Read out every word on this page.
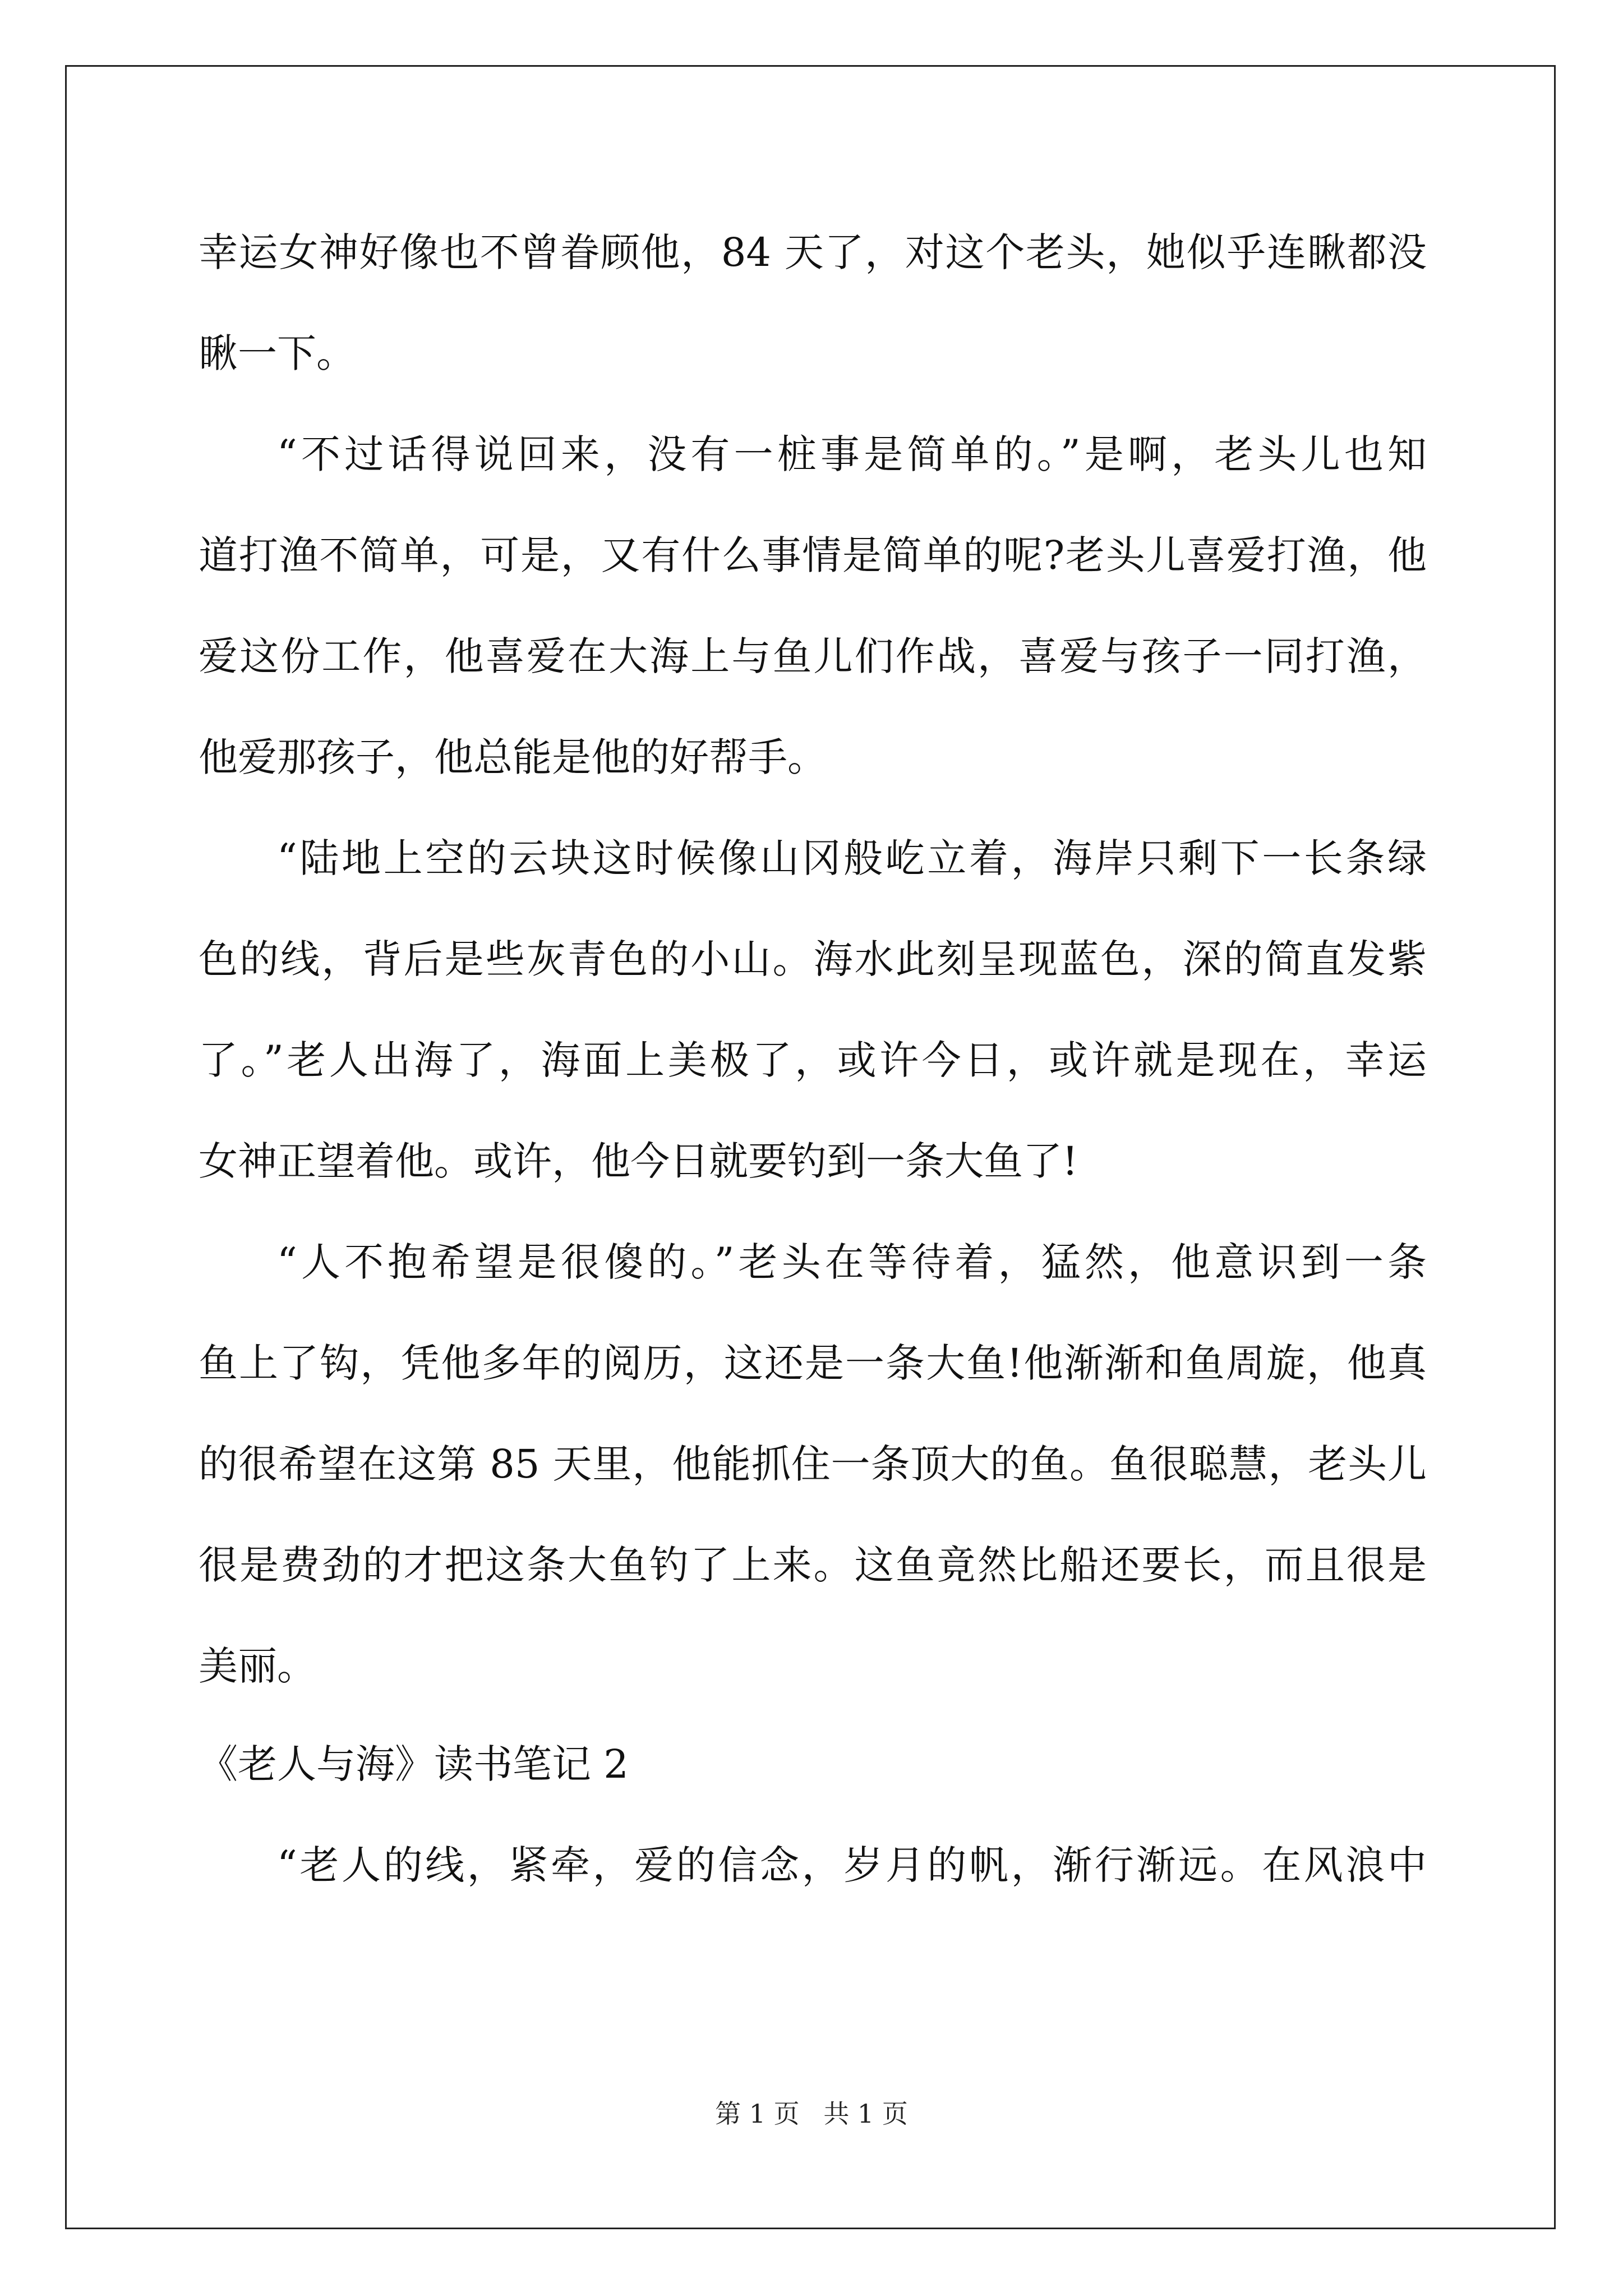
幸运女神好像也不曾眷顾他，84 天了，对这个老头，她似乎连瞅都没
瞅一下。
“不过话得说回来，没有一桩事是简单的。”是啊，老头儿也知
道打渔不简单，可是，又有什么事情是简单的呢?老头儿喜爱打渔，他
爱这份工作，他喜爱在大海上与鱼儿们作战，喜爱与孩子一同打渔，
他爱那孩子，他总能是他的好帮手。
“陆地上空的云块这时候像山冈般屹立着，海岸只剩下一长条绿
色的线，背后是些灰青色的小山。海水此刻呈现蓝色，深的简直发紫
了。”老人出海了，海面上美极了，或许今日，或许就是现在，幸运
女神正望着他。或许，他今日就要钓到一条大鱼了!
“人不抱希望是很傻的。”老头在等待着，猛然，他意识到一条
鱼上了钩，凭他多年的阅历，这还是一条大鱼!他渐渐和鱼周旋，他真
的很希望在这第 85 天里，他能抓住一条顶大的鱼。鱼很聪慧，老头儿
很是费劲的才把这条大鱼钓了上来。这鱼竟然比船还要长，而且很是
美丽。
《老人与海》读书笔记 2
“老人的线，紧牵，爱的信念，岁月的帆，渐行渐远。在风浪中
第 1 页 共 1 页
